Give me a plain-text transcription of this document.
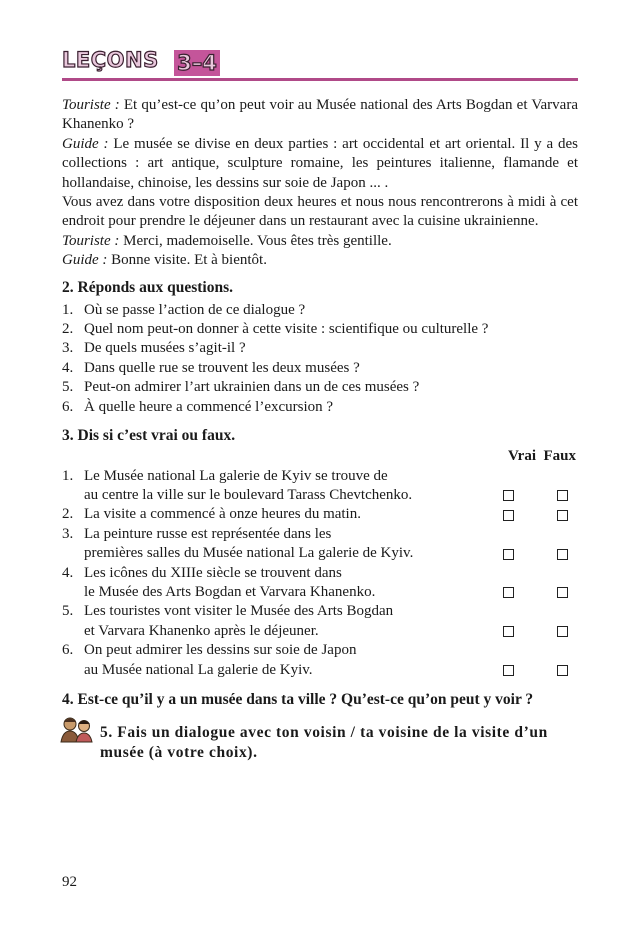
LEÇONS 3–4

Touriste : Et qu’est-ce qu’on peut voir au Musée national des Arts Bogdan et Varvara Khanenko ?

Guide : Le musée se divise en deux parties : art occidental et art oriental. Il y a des collections : art antique, sculpture romaine, les peintures italienne, flamande et hollandaise, chinoise, les dessins sur soie de Japon ... .

Vous avez dans votre disposition deux heures et nous nous rencontrerons à midi à cet endroit pour prendre le déjeuner dans un restaurant avec la cuisine ukrainienne.

Touriste : Merci, mademoiselle. Vous êtes très gentille.

Guide : Bonne visite. Et à bientôt.

2. Réponds aux questions.
1. Où se passe l’action de ce dialogue ?
2. Quel nom peut-on donner à cette visite : scientifique ou culturelle ?
3. De quels musées s’agit-il ?
4. Dans quelle rue se trouvent les deux musées ?
5. Peut-on admirer l’art ukrainien dans un de ces musées ?
6. À quelle heure a commencé l’excursion ?
3. Dis si c’est vrai ou faux.
Vrai Faux
1. Le Musée national La galerie de Kyiv se trouve de
au centre la ville sur le boulevard Tarass Chevtchenko.
2. La visite a commencé à onze heures du matin.
3. La peinture russe est représentée dans les
premières salles du Musée national La galerie de Kyiv.
4. Les icônes du XIIIe siècle se trouvent dans
le Musée des Arts Bogdan et Varvara Khanenko.
5. Les touristes vont visiter le Musée des Arts Bogdan
et Varvara Khanenko après le déjeuner.
6. On peut admirer les dessins sur soie de Japon
au Musée national La galerie de Kyiv.
4. Est-ce qu’il y a un musée dans ta ville ? Qu’est-ce qu’on peut y voir ?
5. Fais un dialogue avec ton voisin / ta voisine de la visite d’un musée (à votre choix).
92
